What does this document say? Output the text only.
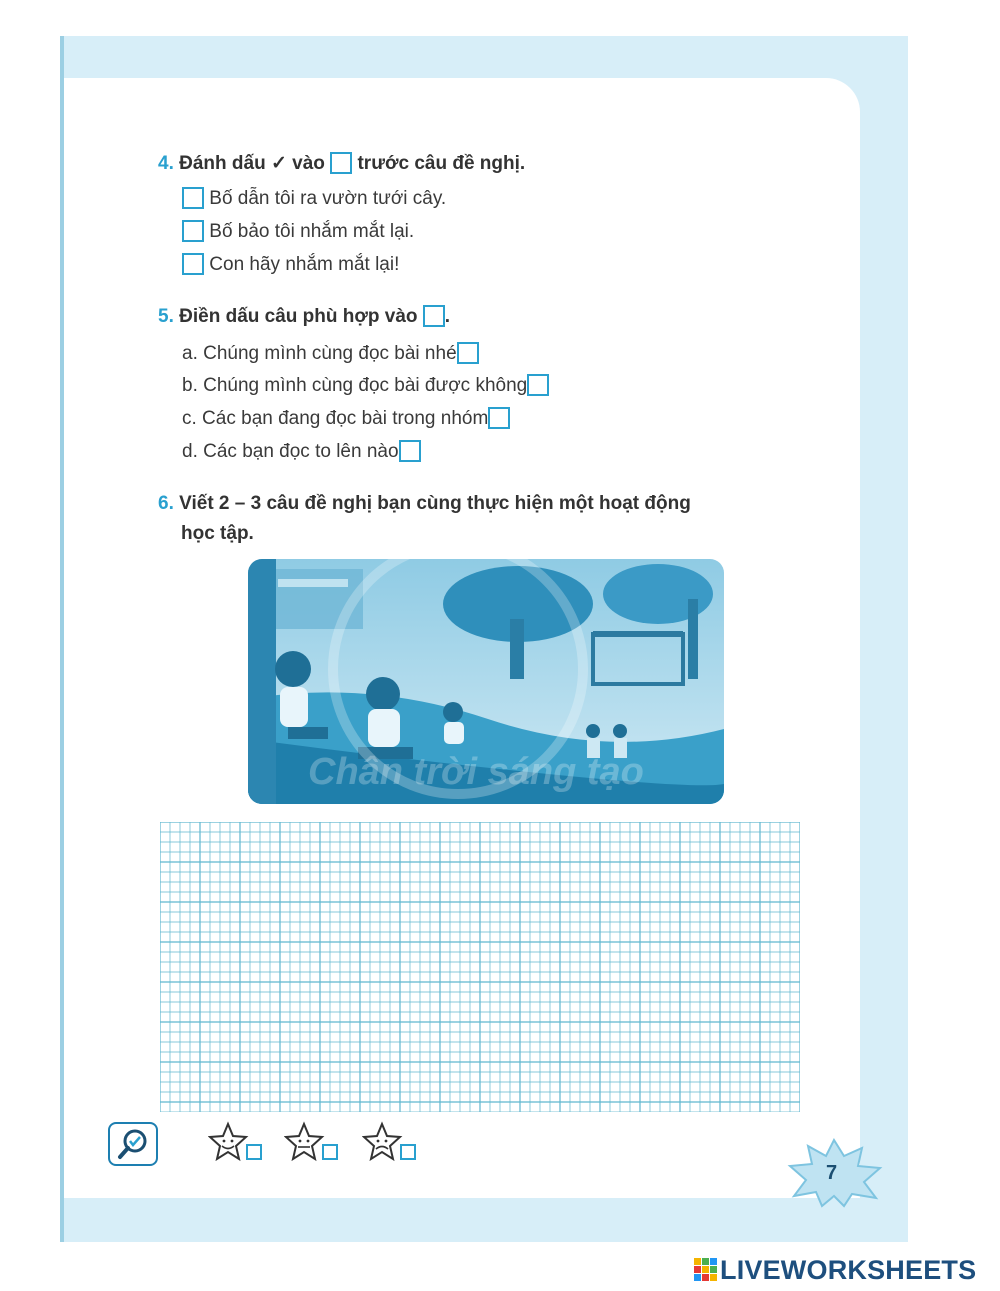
4. Đánh dấu ✓ vào trước câu đề nghị.
Bố dẫn tôi ra vườn tưới cây.
Bố bảo tôi nhắm mắt lại.
Con hãy nhắm mắt lại!
5. Điền dấu câu phù hợp vào .
a. Chúng mình cùng đọc bài nhé
b. Chúng mình cùng đọc bài được không
c. Các bạn đang đọc bài trong nhóm
d. Các bạn đọc to lên nào
6. Viết 2 – 3 câu đề nghị bạn cùng thực hiện một hoạt động
học tập.
Chân trời sáng tạo
7
LIVEWORKSHEETS
